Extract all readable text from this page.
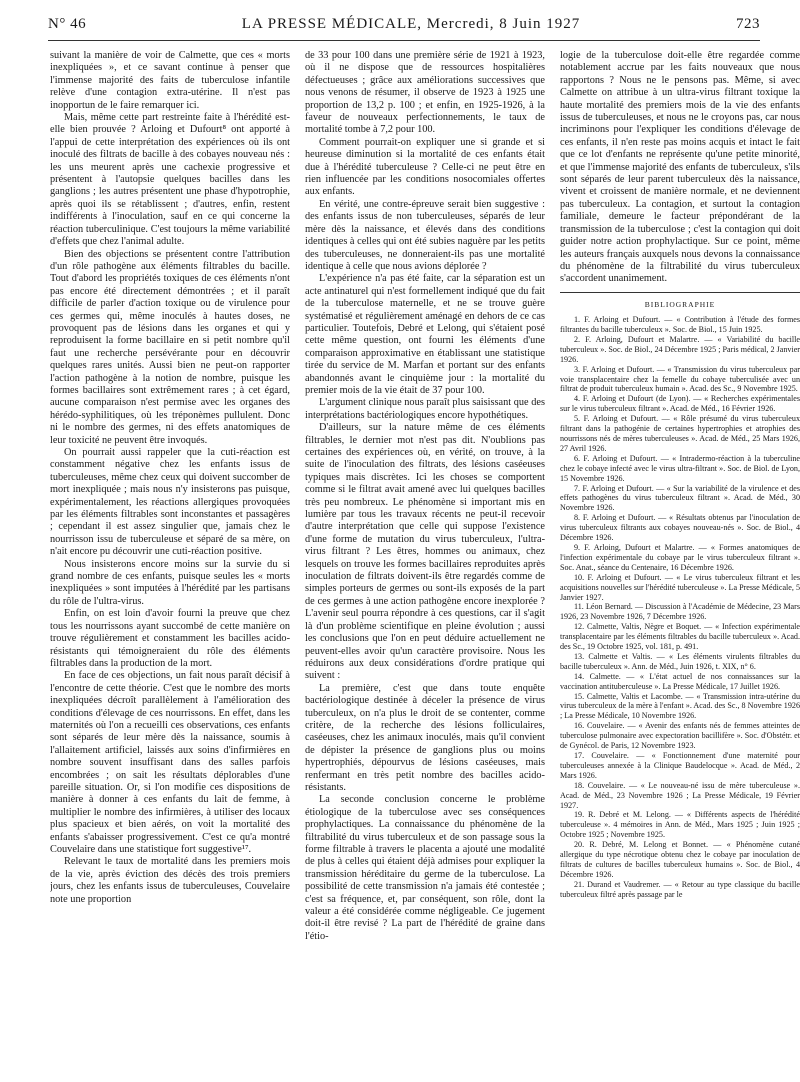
N° 46	LA PRESSE MÉDICALE, Mercredi, 8 Juin 1927	723

suivant la manière de voir de Calmette, que ces « morts inexpliquées », et ce savant continue à penser que l'immense majorité des faits de tuberculose infantile relève d'une contagion extra-utérine. Il n'est pas inopportun de le faire remarquer ici.

Mais, même cette part restreinte faite à l'hérédité est-elle bien prouvée ? Arloing et Dufourt⁸ ont apporté à l'appui de cette interprétation des expériences où ils ont inoculé des filtrats de bacille à des cobayes nouveau nés : les uns meurent après une cachexie progressive et présentent à l'autopsie quelques bacilles dans les ganglions ; les autres présentent une phase d'hypotrophie, après quoi ils se rétablissent ; d'autres, enfin, restent indifférents à l'inoculation, sauf en ce qui concerne la réaction tuberculinique. C'est toujours la même variabilité d'effets que chez l'animal adulte.

Bien des objections se présentent contre l'attribution d'un rôle pathogène aux éléments filtrables du bacille. Tout d'abord les propriétés toxiques de ces éléments n'ont pas encore été directement démontrées ; et il paraît difficile de parler d'action toxique ou de virulence pour ces germes qui, même inoculés à hautes doses, ne provoquent pas de lésions dans les organes et qui y reproduisent la forme bacillaire en si petit nombre qu'il faut une recherche persévérante pour en découvrir quelques rares unités. Aussi bien ne peut-on rapporter l'action pathogène à la notion de nombre, puisque les formes bacillaires sont extrêmement rares ; à cet égard, aucune comparaison n'est permise avec les organes des hérédo-syphilitiques, où les tréponèmes pullulent. Donc ni le nombre des germes, ni des effets anatomiques de leur toxicité ne peuvent être invoqués.

On pourrait aussi rappeler que la cuti-réaction est constamment négative chez les enfants issus de tuberculeuses, même chez ceux qui doivent succomber de mort inexpliquée ; mais nous n'y insisterons pas puisque, expérimentalement, les réactions allergiques provoquées par les éléments filtrables sont inconstantes et passagères ; cependant il est assez singulier que, jamais chez le nourrisson issu de tuberculeuse et séparé de sa mère, on n'ait encore pu découvrir une cuti-réaction positive.

Nous insisterons encore moins sur la survie du si grand nombre de ces enfants, puisque seules les « morts inexpliquées » sont imputées à l'hérédité par les partisans du rôle de l'ultra-virus.

Enfin, on est loin d'avoir fourni la preuve que chez tous les nourrissons ayant succombé de cette manière on trouve régulièrement et constamment les bacilles acido-résistants qui témoigneraient du rôle des éléments filtrables dans la production de la mort.

En face de ces objections, un fait nous paraît décisif à l'encontre de cette théorie. C'est que le nombre des morts inexpliquées décroît parallèlement à l'amélioration des conditions d'élevage de ces nourrissons. En effet, dans les maternités où l'on a recueilli ces observations, ces enfants sont séparés de leur mère dès la naissance, soumis à l'allaitement artificiel, laissés aux soins d'infirmières en nombre souvent insuffisant dans des salles parfois encombrées ; on sait les résultats déplorables d'une pareille situation. Or, si l'on modifie ces dispositions de manière à donner à ces enfants du lait de femme, à multiplier le nombre des infirmières, à utiliser des locaux plus spacieux et bien aérés, on voit la mortalité des enfants s'abaisser progressivement. C'est ce qu'a montré Couvelaire dans une statistique fort suggestive¹⁷.

Relevant le taux de mortalité dans les premiers mois de la vie, après éviction des décès des trois premiers jours, chez les enfants issus de tuberculeuses, Couvelaire note une proportion

de 33 pour 100 dans une première série de 1921 à 1923, où il ne dispose que de ressources hospitalières défectueuses ; grâce aux améliorations successives que nous venons de résumer, il observe de 1923 à 1925 une proportion de 13,2 p. 100 ; et enfin, en 1925-1926, à la faveur de nouveaux perfectionnements, le taux de mortalité tombe à 7,2 pour 100.

Comment pourrait-on expliquer une si grande et si heureuse diminution si la mortalité de ces enfants était due à l'hérédité tuberculeuse ? Celle-ci ne peut être en rien influencée par les conditions nosocomiales offertes aux enfants.

En vérité, une contre-épreuve serait bien suggestive : des enfants issus de non tuberculeuses, séparés de leur mère dès la naissance, et élevés dans des conditions identiques à celles qui ont été subies naguère par les petits des tuberculeuses, ne donneraient-ils pas une mortalité identique à celle que nous avions déplorée ?

L'expérience n'a pas été faite, car la séparation est un acte antinaturel qui n'est formellement indiqué que du fait de la tuberculose maternelle, et ne se trouve guère systématisé et régulièrement aménagé en dehors de ce cas particulier. Toutefois, Debré et Lelong, qui s'étaient posé cette même question, ont fourni les éléments d'une comparaison approximative en établissant une statistique tirée du service de M. Marfan et portant sur des enfants abandonnés avant le cinquième jour : la mortalité du premier mois de la vie était de 37 pour 100.

L'argument clinique nous paraît plus saisissant que des interprétations bactériologiques encore hypothétiques.

D'ailleurs, sur la nature même de ces éléments filtrables, le dernier mot n'est pas dit. N'oublions pas certaines des expériences où, en vérité, on trouve, à la suite de l'inoculation des filtrats, des lésions caséeuses typiques mais discrètes. Ici les choses se comportent comme si le filtrat avait amené avec lui quelques bacilles très peu nombreux. Le phénomène si important mis en lumière par tous les travaux récents ne peut-il recevoir d'autre interprétation que celle qui suppose l'existence d'une forme de mutation du virus tuberculeux, l'ultra-virus filtrant ? Les êtres, hommes ou animaux, chez lesquels on trouve les formes bacillaires reproduites après inoculation de filtrats doivent-ils être regardés comme de simples porteurs de germes ou sont-ils exposés de la part de ces germes à une action pathogène encore inexplorée ? L'avenir seul pourra répondre à ces questions, car il s'agit là d'un problème scientifique en pleine évolution ; aussi les conclusions que l'on en peut déduire actuellement ne peuvent-elles avoir qu'un caractère provisoire. Nous les réduirons aux deux considérations d'ordre pratique qui suivent :

La première, c'est que dans toute enquête bactériologique destinée à déceler la présence de virus tuberculeux, on n'a plus le droit de se contenter, comme critère, de la recherche des lésions folliculaires, caséeuses, chez les animaux inoculés, mais qu'il convient de dépister la présence de ganglions plus ou moins hypertrophiés, dépourvus de lésions caséeuses, mais renfermant en très petit nombre des bacilles acido-résistants.

La seconde conclusion concerne le problème étiologique de la tuberculose avec ses conséquences prophylactiques. La connaissance du phénomène de la filtrabilité du virus tuberculeux et de son passage sous la forme filtrable à travers le placenta a ajouté une modalité de plus à celles qui étaient déjà admises pour expliquer la transmission héréditaire du germe de la tuberculose. La possibilité de cette transmission n'a jamais été contestée ; c'est sa fréquence, et, par conséquent, son rôle, dont la valeur a été considérée comme négligeable. Ce jugement doit-il être revisé ? La part de l'hérédité de graine dans l'étio-

logie de la tuberculose doit-elle être regardée comme notablement accrue par les faits nouveaux que nous rapportons ? Nous ne le pensons pas. Même, si avec Calmette on attribue à un ultra-virus filtrant toxique la haute mortalité des premiers mois de la vie des enfants issus de tuberculeuses, et nous ne le croyons pas, car nous incriminons pour l'expliquer les conditions d'élevage de ces enfants, il n'en reste pas moins acquis et intact le fait que ce lot d'enfants ne représente qu'une petite minorité, et que l'immense majorité des enfants de tuberculeux, s'ils sont séparés de leur parent tuberculeux dès la naissance, vivent et croissent de manière normale, et ne deviennent pas tuberculeux. La contagion, et surtout la contagion familiale, demeure le facteur prépondérant de la transmission de la tuberculose ; c'est la contagion qui doit guider notre action prophylactique. Sur ce point, même les auteurs français auxquels nous devons la connaissance du phénomène de la filtrabilité du virus tuberculeux s'accordent unanimement.

BIBLIOGRAPHIE

1. F. Arloing et Dufourt. — « Contribution à l'étude des formes filtrantes du bacille tuberculeux ». Soc. de Biol., 15 Juin 1925.

2. F. Arloing, Dufourt et Malartre. — « Variabilité du bacille tuberculeux ». Soc. de Biol., 24 Décembre 1925 ; Paris médical, 2 Janvier 1926.

3. F. Arloing et Dufourt. — « Transmission du virus tuberculeux par voie transplacentaire chez la femelle du cobaye tuberculisée avec un filtrat de produit tuberculeux humain ». Acad. des Sc., 9 Novembre 1925.

4. F. Arloing et Dufourt (de Lyon). — « Recherches expérimentales sur le virus tuberculeux filtrant ». Acad. de Méd., 16 Février 1926.

5. F. Arloing et Dufourt. — « Rôle présumé du virus tuberculeux filtrant dans la pathogénie de certaines hypertrophies et atrophies des nourrissons nés de mères tuberculeuses ». Acad. de Méd., 25 Mars 1926, 27 Avril 1926.

6. F. Arloing et Dufourt. — « Intradermo-réaction à la tuberculine chez le cobaye infecté avec le virus ultra-filtrant ». Soc. de Biol. de Lyon, 15 Novembre 1926.

7. F. Arloing et Dufourt. — « Sur la variabilité de la virulence et des effets pathogènes du virus tuberculeux filtrant ». Acad. de Méd., 30 Novembre 1926.

8. F. Arloing et Dufourt. — « Résultats obtenus par l'inoculation de virus tuberculeux filtrants aux cobayes nouveau-nés ». Soc. de Biol., 4 Décembre 1926.

9. F. Arloing, Dufourt et Malartre. — « Formes anatomiques de l'infection expérimentale du cobaye par le virus tuberculeux filtrant ». Soc. Anat., séance du Centenaire, 16 Décembre 1926.

10. F. Arloing et Dufourt. — « Le virus tuberculeux filtrant et les acquisitions nouvelles sur l'hérédité tuberculeuse ». La Presse Médicale, 5 Janvier 1927.

11. Léon Bernard. — Discussion à l'Académie de Médecine, 23 Mars 1926, 23 Novembre 1926, 7 Décembre 1926.

12. Calmette, Valtis, Nègre et Boquet. — « Infection expérimentale transplacentaire par les éléments filtrables du bacille tuberculeux ». Acad. des Sc., 19 Octobre 1925, vol. 181, p. 491.

13. Calmette et Valtis. — « Les éléments virulents filtrables du bacille tuberculeux ». Ann. de Méd., Juin 1926, t. XIX, n° 6.

14. Calmette. — « L'état actuel de nos connaissances sur la vaccination antituberculeuse ». La Presse Médicale, 17 Juillet 1926.

15. Calmette, Valtis et Lacombe. — « Transmission intra-utérine du virus tuberculeux de la mère à l'enfant ». Acad. des Sc., 8 Novembre 1926 ; La Presse Médicale, 10 Novembre 1926.

16. Couvelaire. — « Avenir des enfants nés de femmes atteintes de tuberculose pulmonaire avec expectoration bacillifère ». Soc. d'Obstétr. et de Gynécol. de Paris, 12 Novembre 1923.

17. Couvelaire. — « Fonctionnement d'une maternité pour tuberculeuses annexée à la Clinique Baudelocque ». Acad. de Méd., 2 Mars 1926.

18. Couvelaire. — « Le nouveau-né issu de mère tuberculeuse ». Acad. de Méd., 23 Novembre 1926 ; La Presse Médicale, 19 Février 1927.

19. R. Debré et M. Lelong. — « Différents aspects de l'hérédité tuberculeuse ». 4 mémoires in Ann. de Méd., Mars 1925 ; Juin 1925 ; Octobre 1925 ; Novembre 1925.

20. R. Debré, M. Lelong et Bonnet. — « Phénomène cutané allergique du type nécrotique obtenu chez le cobaye par inoculation de filtrats de cultures de bacilles tuberculeux humains ». Soc. de Biol., 4 Décembre 1926.

21. Durand et Vaudremer. — « Retour au type classique du bacille tuberculeux filtré après passage par le
